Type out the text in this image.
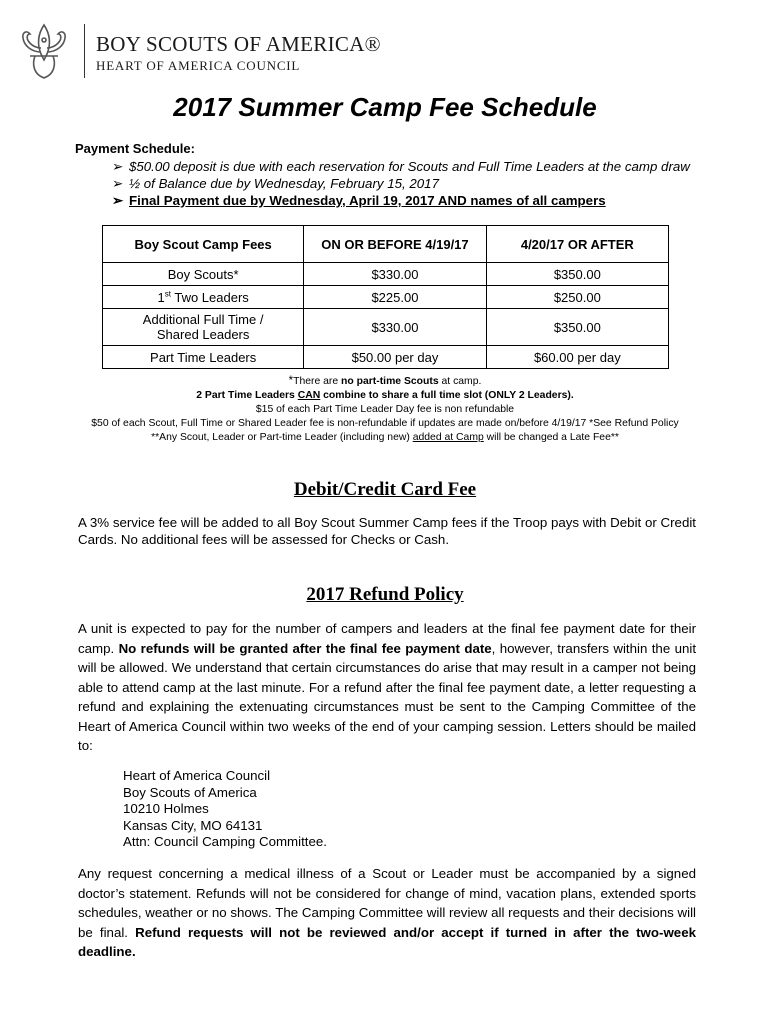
BOY SCOUTS OF AMERICA®
HEART OF AMERICA COUNCIL
2017 Summer Camp Fee Schedule
Payment Schedule:
➢ $50.00 deposit is due with each reservation for Scouts and Full Time Leaders at the camp draw
➢ ½ of Balance due by Wednesday, February 15, 2017
➢ Final Payment due by Wednesday, April 19, 2017 AND names of all campers
Boy Scout Camp Fees	ON OR BEFORE 4/19/17	4/20/17 OR AFTER
Boy Scouts*	$330.00	$350.00
1st Two Leaders	$225.00	$250.00
Additional Full Time /
Shared Leaders	$330.00	$350.00
Part Time Leaders	$50.00 per day	$60.00 per day
*There are no part-time Scouts at camp.
2 Part Time Leaders CAN combine to share a full time slot (ONLY 2 Leaders).
$15 of each Part Time Leader Day fee is non refundable
$50 of each Scout, Full Time or Shared Leader fee is non-refundable if updates are made on/before 4/19/17 *See Refund Policy
**Any Scout, Leader or Part-time Leader (including new) added at Camp will be changed a Late Fee**
Debit/Credit Card Fee
A 3% service fee will be added to all Boy Scout Summer Camp fees if the Troop pays with Debit or Credit Cards. No additional fees will be assessed for Checks or Cash.
2017 Refund Policy
A unit is expected to pay for the number of campers and leaders at the final fee payment date for their camp. No refunds will be granted after the final fee payment date, however, transfers within the unit will be allowed. We understand that certain circumstances do arise that may result in a camper not being able to attend camp at the last minute. For a refund after the final fee payment date, a letter requesting a refund and explaining the extenuating circumstances must be sent to the Camping Committee of the Heart of America Council within two weeks of the end of your camping session. Letters should be mailed to:
Heart of America Council
Boy Scouts of America
10210 Holmes
Kansas City, MO 64131
Attn: Council Camping Committee.
Any request concerning a medical illness of a Scout or Leader must be accompanied by a signed doctor’s statement. Refunds will not be considered for change of mind, vacation plans, extended sports schedules, weather or no shows. The Camping Committee will review all requests and their decisions will be final. Refund requests will not be reviewed and/or accept if turned in after the two-week deadline.
